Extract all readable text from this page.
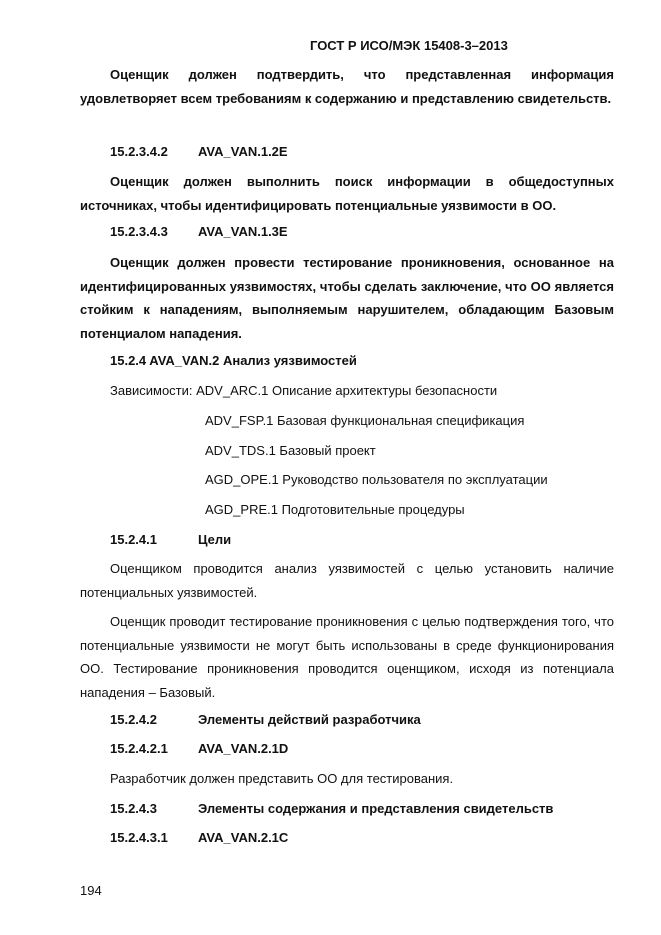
ГОСТ Р ИСО/МЭК 15408-3–2013
Оценщик должен подтвердить, что представленная информация удовлетворяет всем требованиям к содержанию и представлению свидетельств.
15.2.3.4.2 AVA_VAN.1.2E
Оценщик должен выполнить поиск информации в общедоступных источниках, чтобы идентифицировать потенциальные уязвимости в ОО.
15.2.3.4.3 AVA_VAN.1.3E
Оценщик должен провести тестирование проникновения, основанное на идентифицированных уязвимостях, чтобы сделать заключение, что ОО является стойким к нападениям, выполняемым нарушителем, обладающим Базовым потенциалом нападения.
15.2.4 AVA_VAN.2 Анализ уязвимостей
Зависимости: ADV_ARC.1 Описание архитектуры безопасности
ADV_FSP.1 Базовая функциональная спецификация
ADV_TDS.1 Базовый проект
AGD_OPE.1 Руководство пользователя по эксплуатации
AGD_PRE.1 Подготовительные процедуры
15.2.4.1	Цели
Оценщиком проводится анализ уязвимостей с целью установить наличие потенциальных уязвимостей.
Оценщик проводит тестирование проникновения с целью подтверждения того, что потенциальные уязвимости не могут быть использованы в среде функционирования ОО. Тестирование проникновения проводится оценщиком, исходя из потенциала нападения – Базовый.
15.2.4.2	Элементы действий разработчика
15.2.4.2.1 AVA_VAN.2.1D
Разработчик должен представить ОО для тестирования.
15.2.4.3	Элементы содержания и представления свидетельств
15.2.4.3.1 AVA_VAN.2.1C
194
